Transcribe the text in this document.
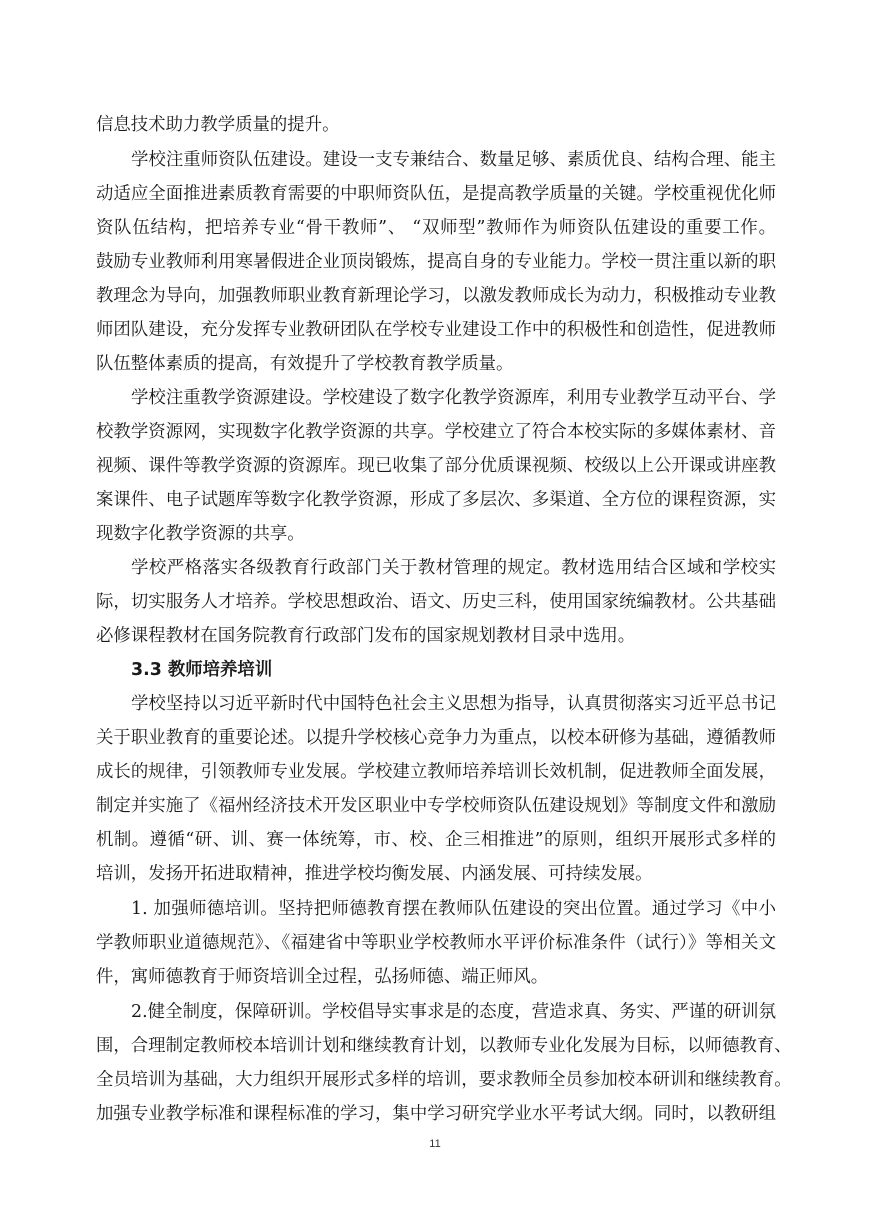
信息技术助力教学质量的提升。
学校注重师资队伍建设。建设一支专兼结合、数量足够、素质优良、结构合理、能主
动适应全面推进素质教育需要的中职师资队伍，是提高教学质量的关键。学校重视优化师
资队伍结构，把培养专业“骨干教师”、 “双师型”教师作为师资队伍建设的重要工作。
鼓励专业教师利用寒暑假进企业顶岗锻炼，提高自身的专业能力。学校一贯注重以新的职
教理念为导向，加强教师职业教育新理论学习，以激发教师成长为动力，积极推动专业教
师团队建设，充分发挥专业教研团队在学校专业建设工作中的积极性和创造性，促进教师
队伍整体素质的提高，有效提升了学校教育教学质量。
学校注重教学资源建设。学校建设了数字化教学资源库，利用专业教学互动平台、学
校教学资源网，实现数字化教学资源的共享。学校建立了符合本校实际的多媒体素材、音
视频、课件等教学资源的资源库。现已收集了部分优质课视频、校级以上公开课或讲座教
案课件、电子试题库等数字化教学资源，形成了多层次、多渠道、全方位的课程资源，实
现数字化教学资源的共享。
学校严格落实各级教育行政部门关于教材管理的规定。教材选用结合区域和学校实
际，切实服务人才培养。学校思想政治、语文、历史三科，使用国家统编教材。公共基础
必修课程教材在国务院教育行政部门发布的国家规划教材目录中选用。
3.3 教师培养培训
学校坚持以习近平新时代中国特色社会主义思想为指导，认真贯彻落实习近平总书记
关于职业教育的重要论述。以提升学校核心竞争力为重点，以校本研修为基础，遵循教师
成长的规律，引领教师专业发展。学校建立教师培养培训长效机制，促进教师全面发展，
制定并实施了《福州经济技术开发区职业中专学校师资队伍建设规划》等制度文件和激励
机制。遵循“研、训、赛一体统筹，市、校、企三相推进”的原则，组织开展形式多样的
培训，发扬开拓进取精神，推进学校均衡发展、内涵发展、可持续发展。
1. 加强师德培训。坚持把师德教育摆在教师队伍建设的突出位置。通过学习《中小
学教师职业道德规范》、《福建省中等职业学校教师水平评价标准条件（试行）》等相关文
件，寓师德教育于师资培训全过程，弘扬师德、端正师风。
2.健全制度，保障研训。学校倡导实事求是的态度，营造求真、务实、严谨的研训氛
围，合理制定教师校本培训计划和继续教育计划，以教师专业化发展为目标，以师德教育、
全员培训为基础，大力组织开展形式多样的培训，要求教师全员参加校本研训和继续教育。
加强专业教学标准和课程标准的学习，集中学习研究学业水平考试大纲。同时，以教研组
11
